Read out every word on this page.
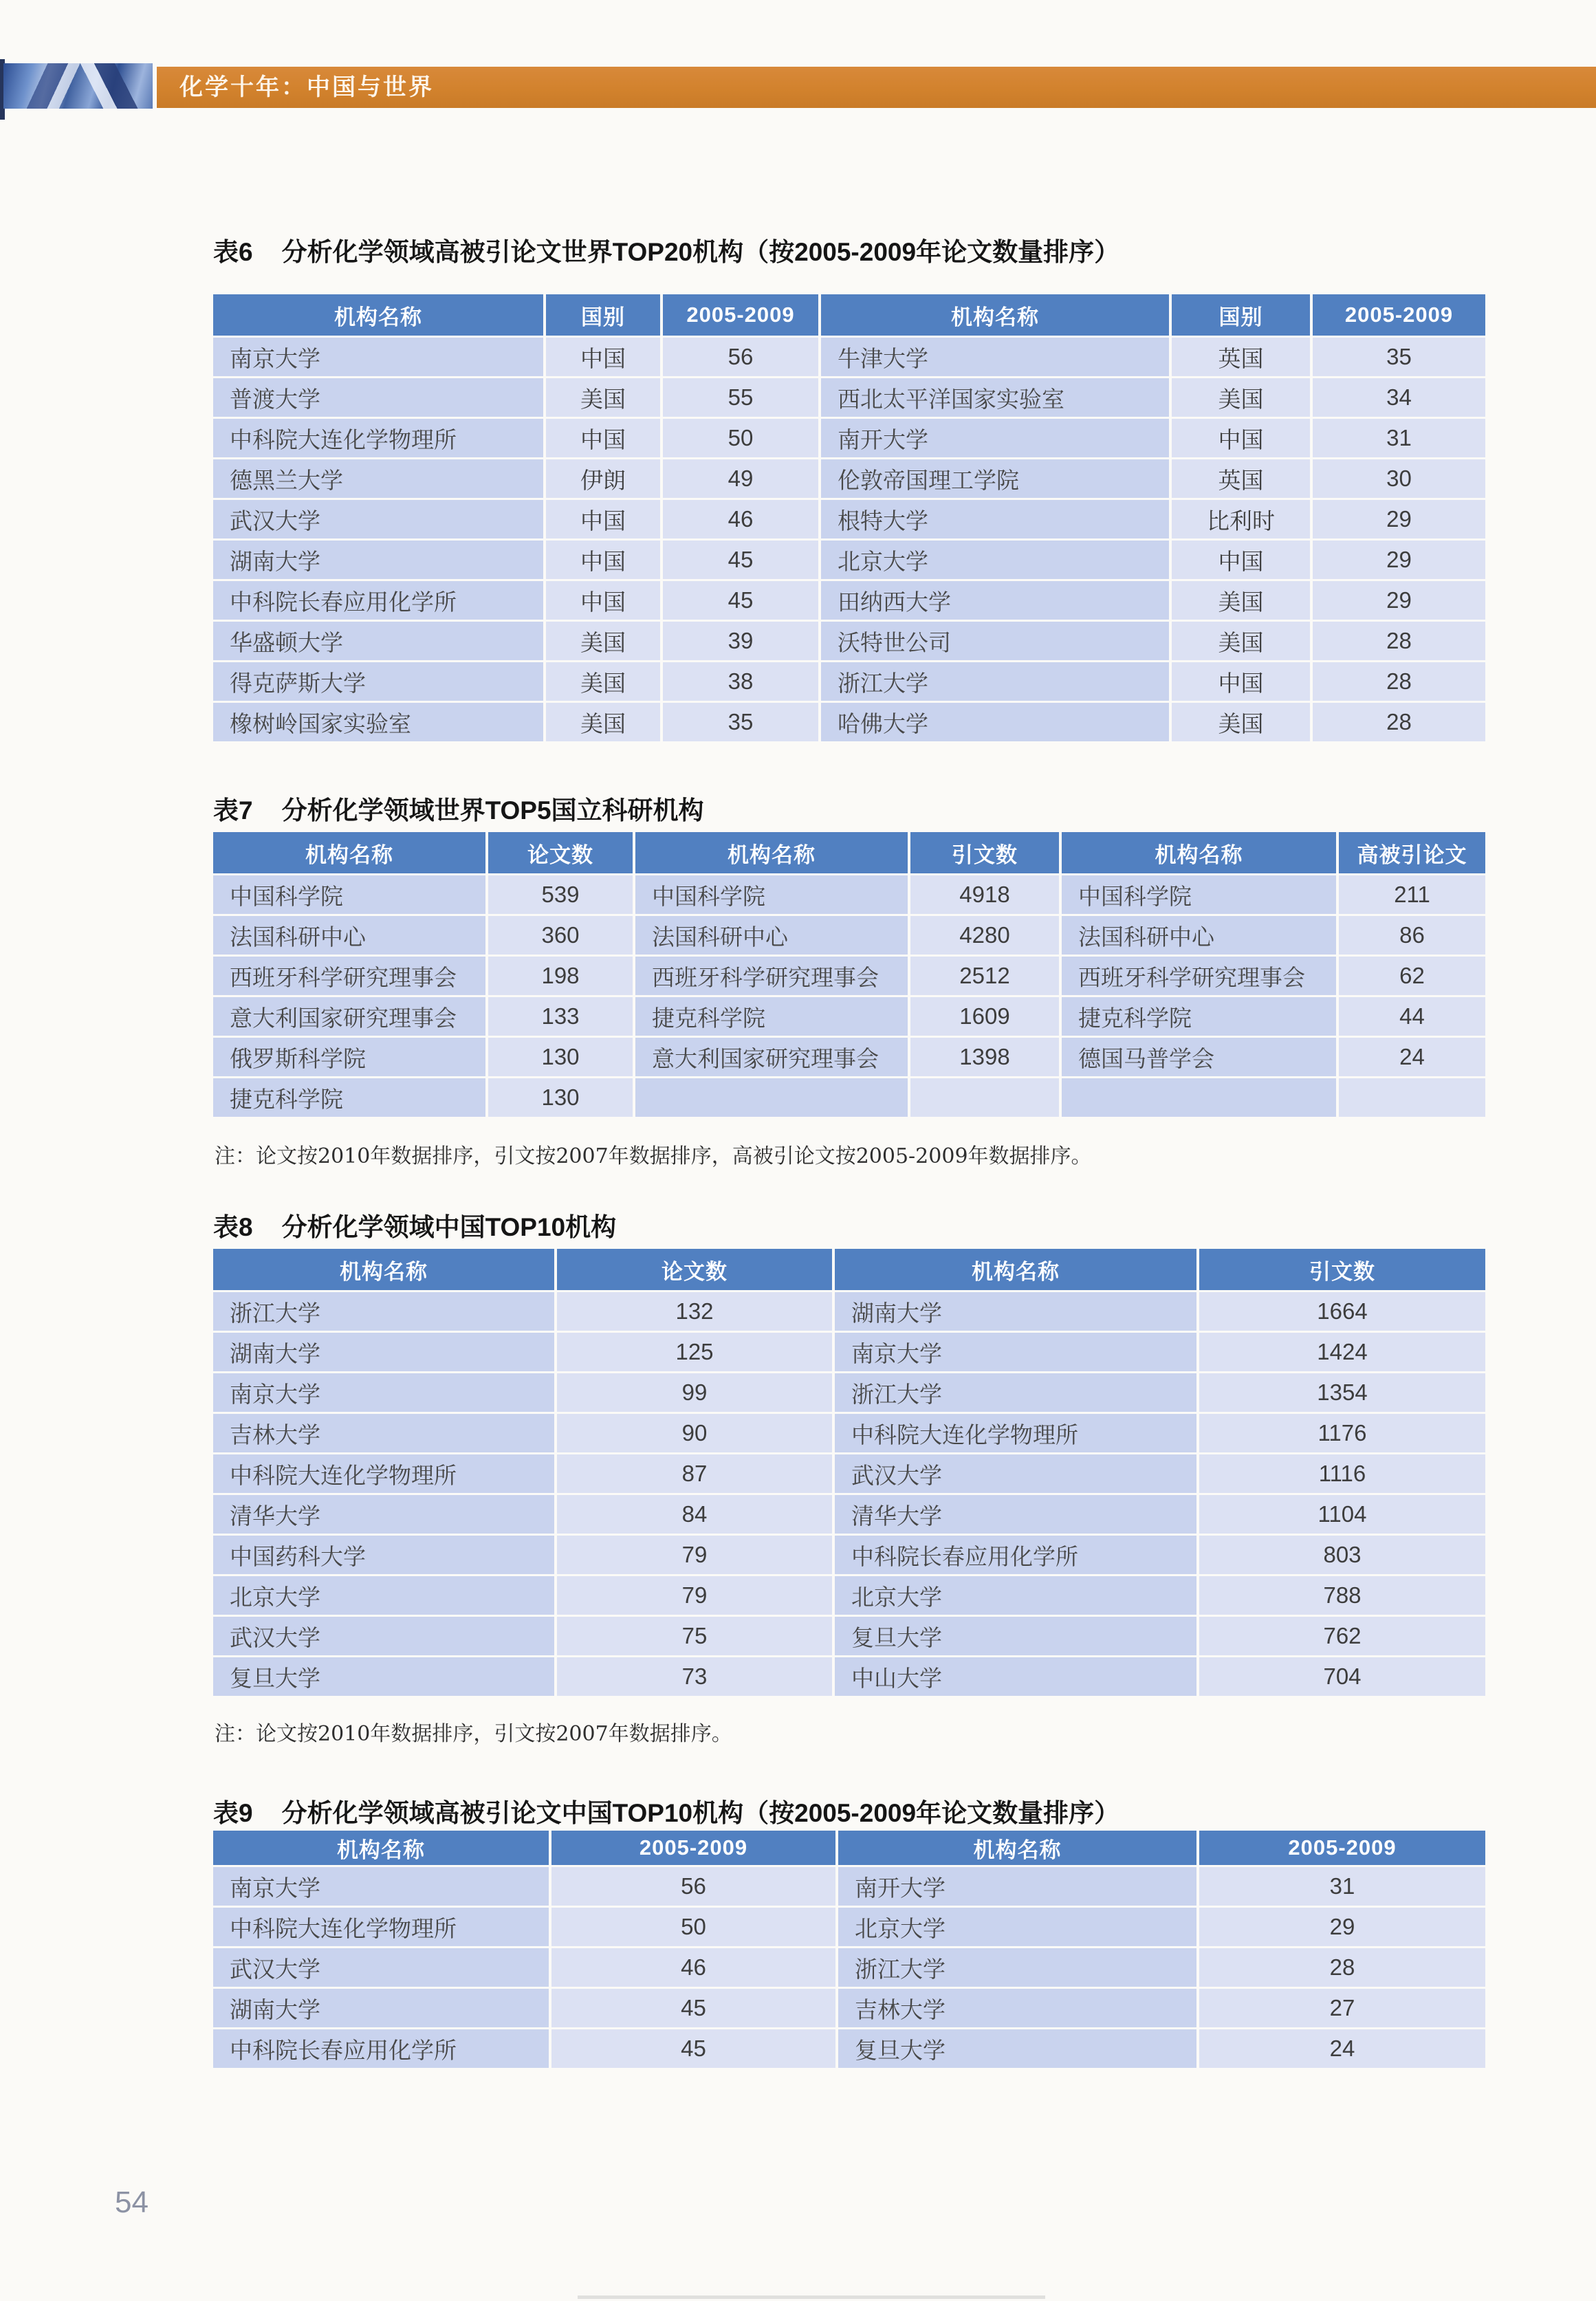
化学十年：中国与世界
表6 分析化学领域高被引论文世界TOP20机构（按2005-2009年论文数量排序）
机构名称	国别	2005-2009	机构名称	国别	2005-2009
南京大学	中国	56	牛津大学	英国	35
普渡大学	美国	55	西北太平洋国家实验室	美国	34
中科院大连化学物理所	中国	50	南开大学	中国	31
德黑兰大学	伊朗	49	伦敦帝国理工学院	英国	30
武汉大学	中国	46	根特大学	比利时	29
湖南大学	中国	45	北京大学	中国	29
中科院长春应用化学所	中国	45	田纳西大学	美国	29
华盛顿大学	美国	39	沃特世公司	美国	28
得克萨斯大学	美国	38	浙江大学	中国	28
橡树岭国家实验室	美国	35	哈佛大学	美国	28
表7 分析化学领域世界TOP5国立科研机构
机构名称	论文数	机构名称	引文数	机构名称	高被引论文
中国科学院	539	中国科学院	4918	中国科学院	211
法国科研中心	360	法国科研中心	4280	法国科研中心	86
西班牙科学研究理事会	198	西班牙科学研究理事会	2512	西班牙科学研究理事会	62
意大利国家研究理事会	133	捷克科学院	1609	捷克科学院	44
俄罗斯科学院	130	意大利国家研究理事会	1398	德国马普学会	24
捷克科学院	130
注：论文按2010年数据排序，引文按2007年数据排序，高被引论文按2005-2009年数据排序。
表8 分析化学领域中国TOP10机构
机构名称	论文数	机构名称	引文数
浙江大学	132	湖南大学	1664
湖南大学	125	南京大学	1424
南京大学	99	浙江大学	1354
吉林大学	90	中科院大连化学物理所	1176
中科院大连化学物理所	87	武汉大学	1116
清华大学	84	清华大学	1104
中国药科大学	79	中科院长春应用化学所	803
北京大学	79	北京大学	788
武汉大学	75	复旦大学	762
复旦大学	73	中山大学	704
注：论文按2010年数据排序，引文按2007年数据排序。
表9 分析化学领域高被引论文中国TOP10机构（按2005-2009年论文数量排序）
机构名称	2005-2009	机构名称	2005-2009
南京大学	56	南开大学	31
中科院大连化学物理所	50	北京大学	29
武汉大学	46	浙江大学	28
湖南大学	45	吉林大学	27
中科院长春应用化学所	45	复旦大学	24
54
